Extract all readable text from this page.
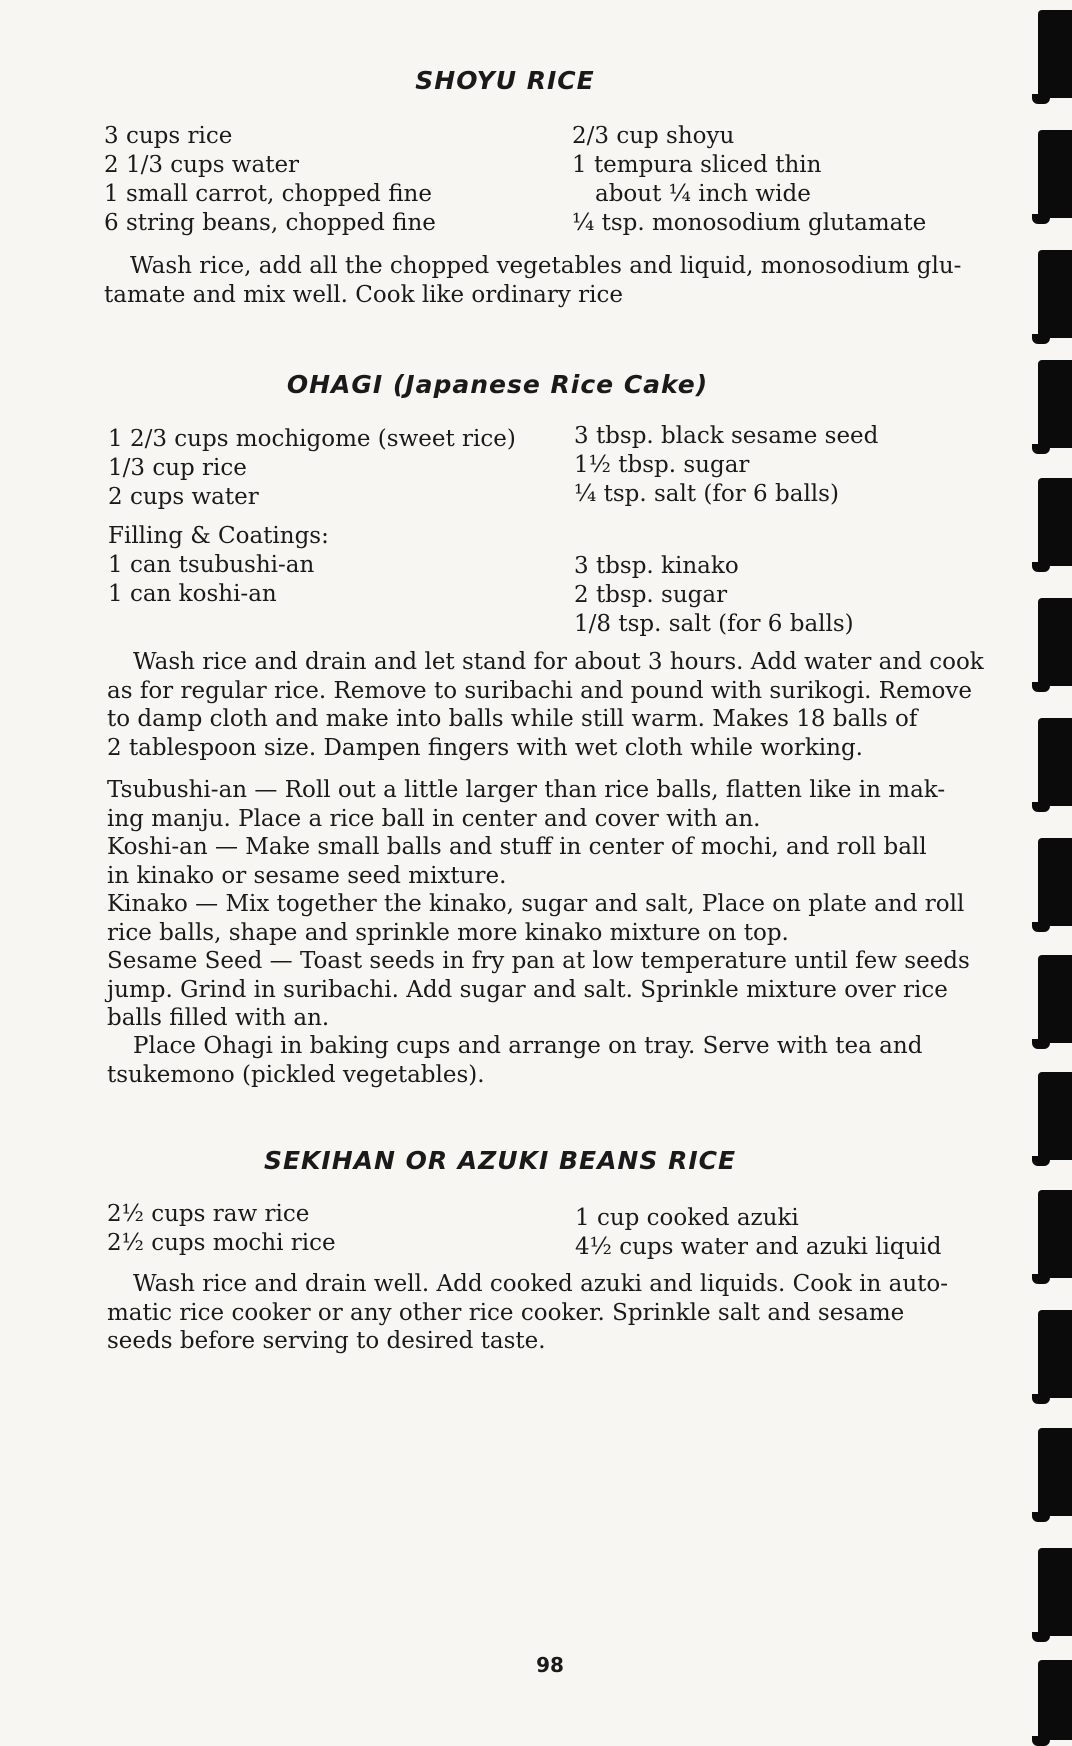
SHOYU RICE
3 cups rice
2 1/3 cups water
1 small carrot, chopped fine
6 string beans, chopped fine
2/3 cup shoyu
1 tempura sliced thin
about ¼ inch wide
¼ tsp. monosodium glutamate
Wash rice, add all the chopped vegetables and liquid, monosodium glu-
tamate and mix well. Cook like ordinary rice
OHAGI (Japanese Rice Cake)
1 2/3 cups mochigome (sweet rice)
1/3 cup rice
2 cups water
3 tbsp. black sesame seed
1½ tbsp. sugar
¼ tsp. salt (for 6 balls)
Filling & Coatings:
1 can tsubushi-an
1 can koshi-an
3 tbsp. kinako
2 tbsp. sugar
1/8 tsp. salt (for 6 balls)
Wash rice and drain and let stand for about 3 hours. Add water and cook
as for regular rice. Remove to suribachi and pound with surikogi. Remove
to damp cloth and make into balls while still warm. Makes 18 balls of
2 tablespoon size. Dampen fingers with wet cloth while working.
Tsubushi-an — Roll out a little larger than rice balls, flatten like in mak-
ing manju. Place a rice ball in center and cover with an.
Koshi-an — Make small balls and stuff in center of mochi, and roll ball
in kinako or sesame seed mixture.
Kinako — Mix together the kinako, sugar and salt, Place on plate and roll
rice balls, shape and sprinkle more kinako mixture on top.
Sesame Seed — Toast seeds in fry pan at low temperature until few seeds
jump. Grind in suribachi. Add sugar and salt. Sprinkle mixture over rice
balls filled with an.
Place Ohagi in baking cups and arrange on tray. Serve with tea and
tsukemono (pickled vegetables).
SEKIHAN OR AZUKI BEANS RICE
2½ cups raw rice
2½ cups mochi rice
1 cup cooked azuki
4½ cups water and azuki liquid
Wash rice and drain well. Add cooked azuki and liquids. Cook in auto-
matic rice cooker or any other rice cooker. Sprinkle salt and sesame
seeds before serving to desired taste.
98
